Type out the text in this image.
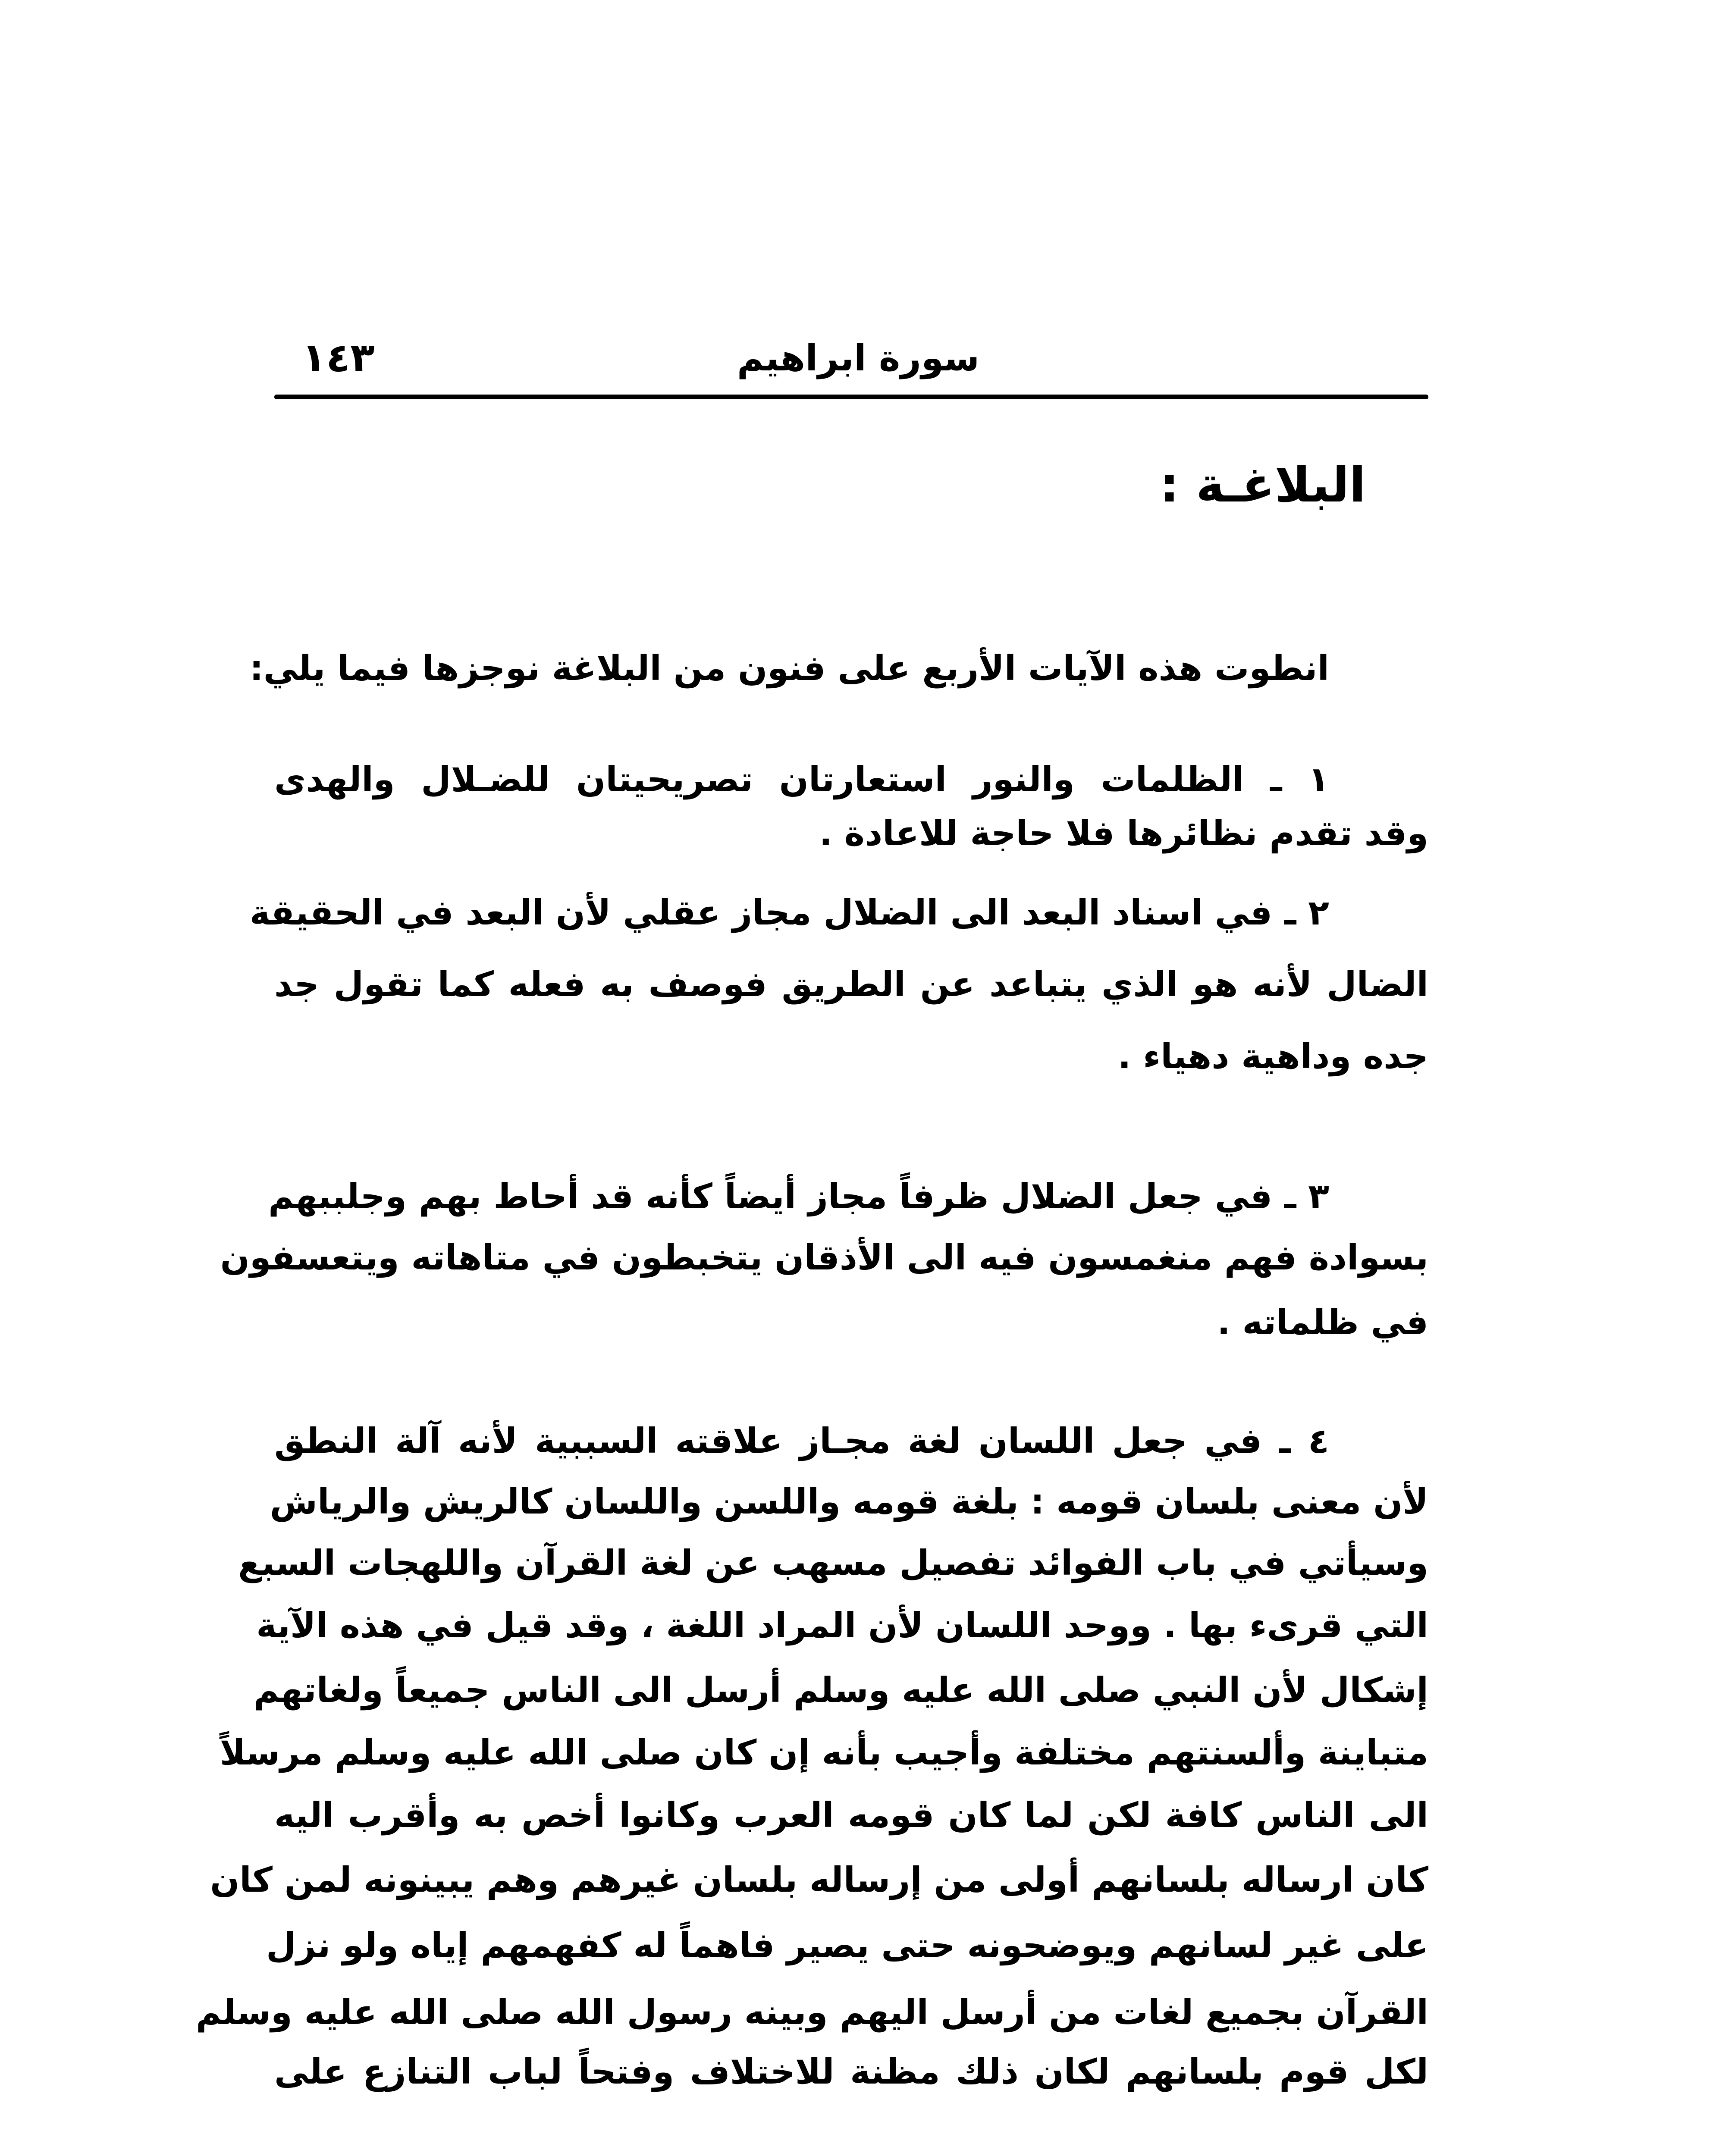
١٤٣	سورة ابراهيم
البلاغـة :
انطوت هذه الآيات الأربع على فنون من البلاغة نوجزها فيما يلي:
١ ـ الظلمات والنور استعارتان تصريحيتان للضـلال والهدى
وقد تقدم نظائرها فلا حاجة للاعادة .
٢ ـ في اسناد البعد الى الضلال مجاز عقلي لأن البعد في الحقيقة
الضال لأنه هو الذي يتباعد عن الطريق فوصف به فعله كما تقول جد
جده وداهية دهياء .
٣ ـ في جعل الضلال ظرفاً مجاز أيضاً كأنه قد أحاط بهم وجلببهم
بسوادة فهم منغمسون فيه الى الأذقان يتخبطون في متاهاته ويتعسفون
في ظلماته .
٤ ـ في جعل اللسان لغة مجـاز علاقته السببية لأنه آلة النطق
لأن معنى بلسان قومه : بلغة قومه واللسن واللسان كالريش والرياش
وسيأتي في باب الفوائد تفصيل مسهب عن لغة القرآن واللهجات السبع
التي قرىء بها . ووحد اللسان لأن المراد اللغة ، وقد قيل في هذه الآية
إشكال لأن النبي صلى الله عليه وسلم أرسل الى الناس جميعاً ولغاتهم
متباينة وألسنتهم مختلفة وأجيب بأنه إن كان صلى الله عليه وسلم مرسلاً
الى الناس كافة لكن لما كان قومه العرب وكانوا أخص به وأقرب اليه
كان ارساله بلسانهم أولى من إرساله بلسان غيرهم وهم يبينونه لمن كان
على غير لسانهم ويوضحونه حتى يصير فاهماً له كفهمهم إياه ولو نزل
القرآن بجميع لغات من أرسل اليهم وبينه رسول الله صلى الله عليه وسلم
لكل قوم بلسانهم لكان ذلك مظنة للاختلاف وفتحاً لباب التنازع على
